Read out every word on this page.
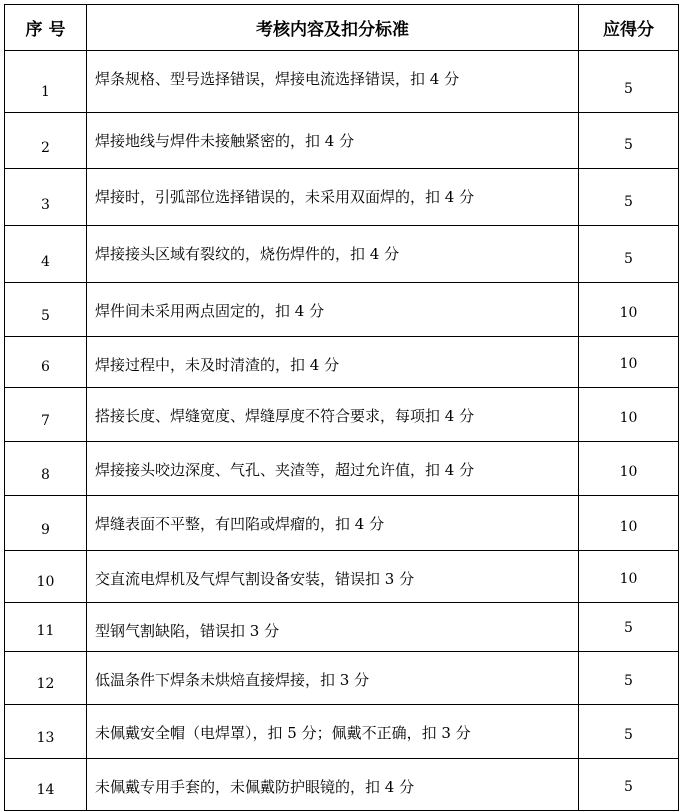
序 号	考核内容及扣分标准	应得分
1	焊条规格、型号选择错误，焊接电流选择错误，扣 4 分	5
2	焊接地线与焊件未接触紧密的，扣 4 分	5
3	焊接时，引弧部位选择错误的，未采用双面焊的，扣 4 分	5
4	焊接接头区域有裂纹的，烧伤焊件的，扣 4 分	5
5	焊件间未采用两点固定的，扣 4 分	10
6	焊接过程中，未及时清渣的，扣 4 分	10
7	搭接长度、焊缝宽度、焊缝厚度不符合要求，每项扣 4 分	10
8	焊接接头咬边深度、气孔、夹渣等，超过允许值，扣 4 分	10
9	焊缝表面不平整，有凹陷或焊瘤的，扣 4 分	10
10	交直流电焊机及气焊气割设备安装，错误扣 3 分	10
11	型钢气割缺陷，错误扣 3 分	5
12	低温条件下焊条未烘焙直接焊接，扣 3 分	5
13	未佩戴安全帽（电焊罩），扣 5 分；佩戴不正确，扣 3 分	5
14	未佩戴专用手套的，未佩戴防护眼镜的，扣 4 分	5
